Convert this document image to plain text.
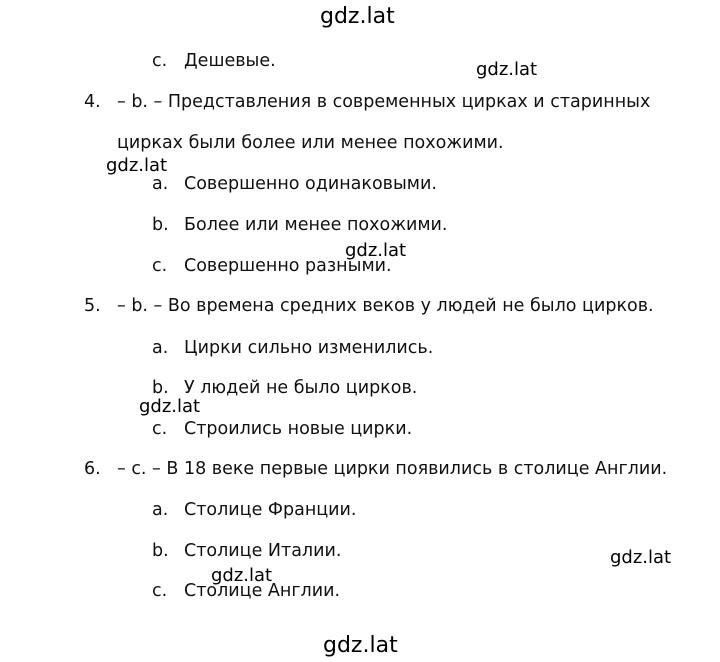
gdz.lat
gdz.lat
gdz.lat
gdz.lat
gdz.lat
gdz.lat
gdz.lat
gdz.lat
c. Дешевые.
4. – b. – Представления в современных цирках и старинных
цирках были более или менее похожими.
a. Совершенно одинаковыми.
b. Более или менее похожими.
c. Совершенно разными.
5. – b. – Во времена средних веков у людей не было цирков.
a. Цирки сильно изменились.
b. У людей не было цирков.
c. Строились новые цирки.
6. – c. – В 18 веке первые цирки появились в столице Англии.
a. Столице Франции.
b. Столице Италии.
c. Столице Англии.
